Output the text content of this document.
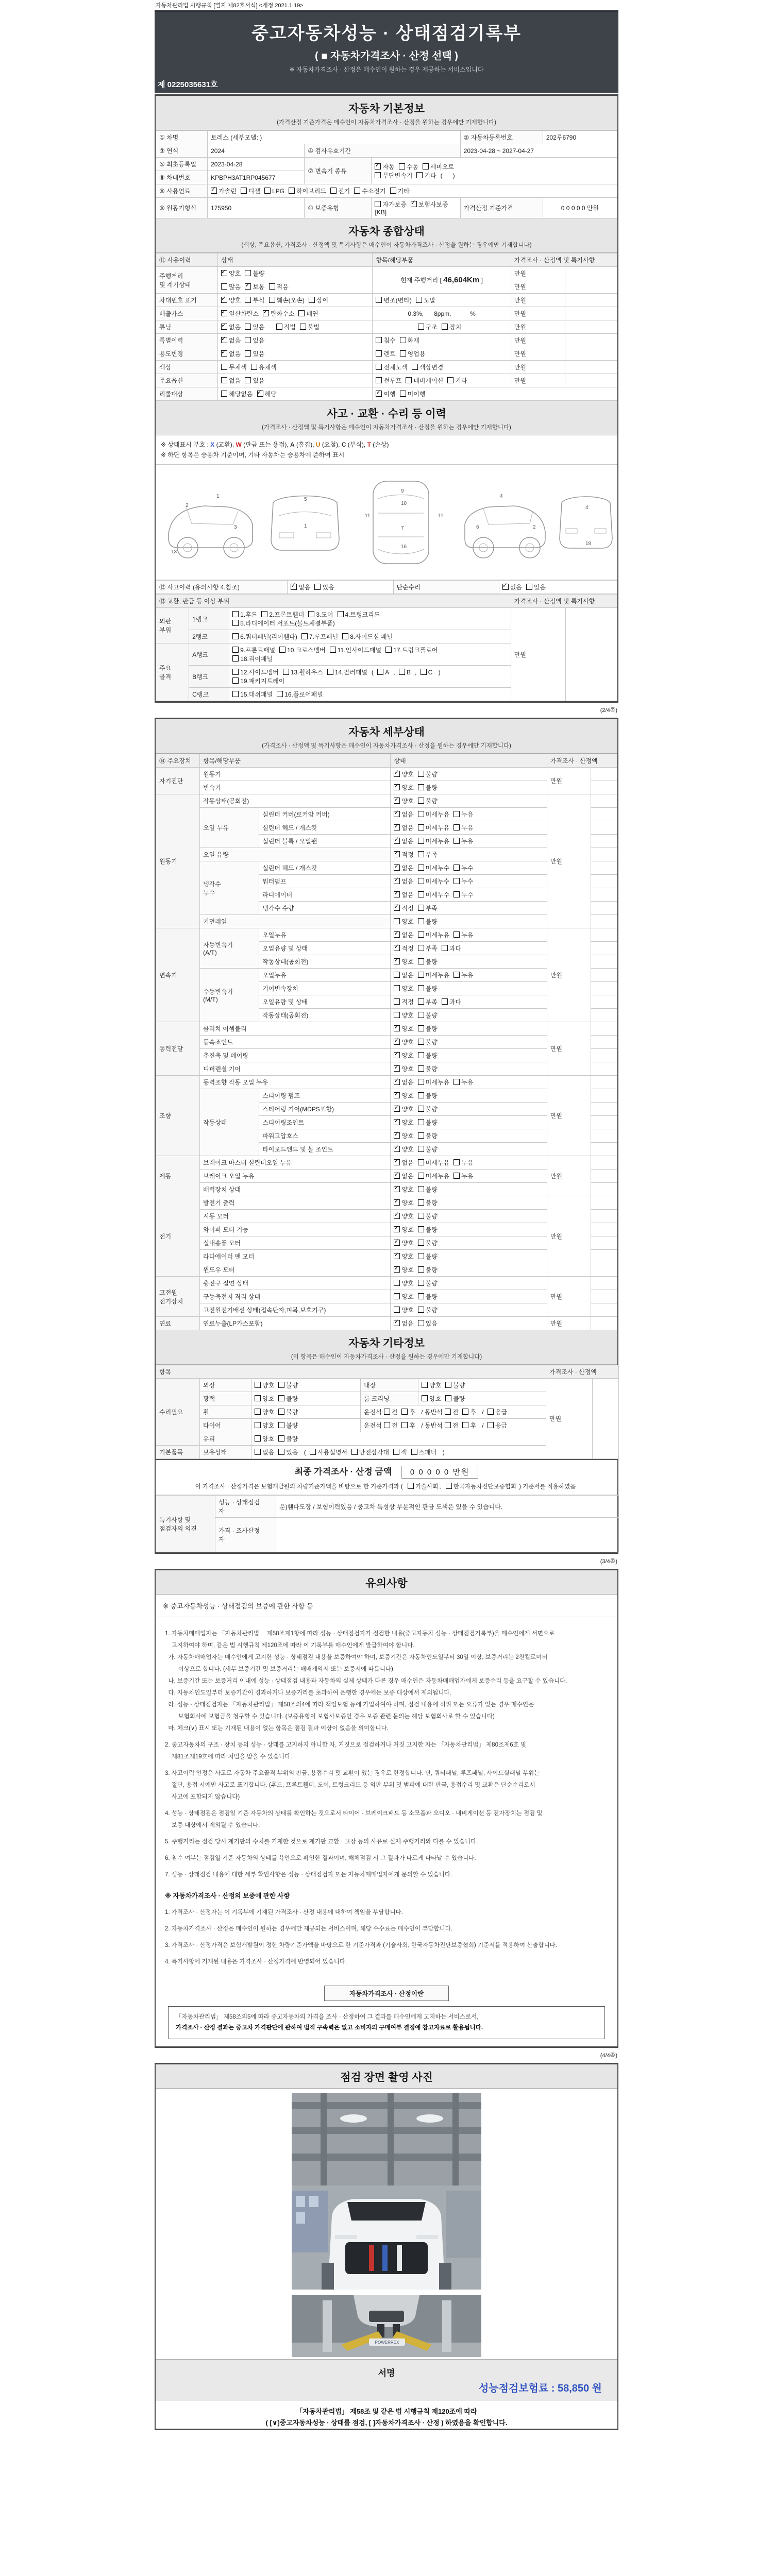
자동차관리법 시행규칙 [별지 제82호서식] <개정 2021.1.19>
중고자동차성능 · 상태점검기록부
( ■ 자동차가격조사 · 산정 선택 )
※ 자동차가격조사 · 산정은 매수인이 원하는 경우 제공하는 서비스입니다
제 0225035631호
자동차 기본정보
(가격산정 기준가격은 매수인이 자동차가격조사 · 산정을 원하는 경우에만 기재합니다)
① 차명	토레스 (세부모델: )			② 자동차등록번호	202루6790
③ 연식	2024	④ 검사유효기간		2023-04-28 ~ 2027-04-27	
⑤ 최초등록일	2023-04-28	⑦ 변속기 종류	✓자동 수동 세미오토
무단변속기 기타 (      )
⑥ 차대번호	KPBPH3AT1RP045677				
⑧ 사용연료	✓가솔린 디젤 LPG 하이브리드 전기 수소전기 기타
⑨ 원동기형식	175950	⑩ 보증유형	자가보증 ✓ 보험사보증[KB]	가격산정 기준가격	0 0 0 0 0 만원
자동차 종합상태
(색상, 주요옵션, 가격조사 · 산정액 및 특기사항은 매수인이 자동차가격조사 · 산정을 원하는 경우에만 기재합니다)
⑪ 사용이력	상태	항목/해당부품	가격조사 · 산정액 및 특기사항	
주행거리
및 계기상태	✓양호 불량	현재 주행거리 [ 46,604Km ]	만원	
	많음 ✓ 보통 적음		만원	
차대번호 표기	✓양호 부식 훼손(오손) 상이	변조(변타) 도말	만원	
배출가스	✓일산화탄소 ✓ 탄화수소 매연	0.3%,      8ppm,           %	만원	
튜닝	✓없음 있음 적법 불법	구조 장치	만원	
특별이력	✓없음 있음	침수 화재	만원	
용도변경	✓없음 있음	렌트 영업용	만원	
색상	무채색 유채색	전체도색 색상변경	만원	
주요옵션	없음 있음	썬루프 네비게이션 기타	만원	
리콜대상	해당없음 ✓ 해당	✓이행 미이행
사고 · 교환 · 수리 등 이력
(가격조사 · 산정액 및 특기사항은 매수인이 자동차가격조사 · 산정을 원하는 경우에만 기재합니다)
※ 상태표시 부호 : X (교환), W (판금 또는 용접), A (흠집), U (요철), C (부식), T (손상)
※ 하단 항목은 승용차 기준이며, 기타 자동차는 승용차에 준하여 표시
2
1
3
13
1
5
11	11
9
10
7
16
4
6	2
4
18
⑫ 사고이력 (유의사항 4.참조)	✓없음 있음	단순수리	✓없음 있음
⑬ 교환, 판금 등 이상 부위			가격조사 · 산정액 및 특기사항	
외판
부위	1랭크	1.후드 2.프론트휀더 3.도어 4.트렁크리드
5.라디에이터 서포트(볼트체결부품)	만원	
	2랭크	6.쿼터패널(리어휀다) 7.루프패널 8.사이드실 패널		
주요
골격	A랭크	9.프론트패널 10.크로스멤버 11.인사이드패널 17.트렁크플로어
18.리어패널		
	B랭크	12.사이드멤버 13.휠하우스 14.필러패널 ( A , B , C )
19.패키지트레이		
	C랭크	15.대쉬패널 16.플로어패널		
(2/4쪽)
자동차 세부상태
(가격조사 · 산정액 및 특기사항은 매수인이 자동차가격조사 · 산정을 원하는 경우에만 기재합니다)
⑭ 주요장치	항목/해당부품		상태	가격조사 · 산정액	
자기진단	원동기	✓양호 불량	만원	
	변속기	✓양호 불량	
원동기	작동상태(공회전)	✓양호 불량	만원	
	오일 누유	실린더 커버(로커암 커버)	✓없음 미세누유 누유	
		실린더 헤드 / 개스킷	✓없음 미세누유 누유	
		실린더 블록 / 오일팬	✓없음 미세누유 누유	
	오일 유량	✓적정 부족	
	냉각수
누수	실린더 헤드 / 개스킷	✓없음 미세누수 누수	
		워터펌프	✓없음 미세누수 누수	
		라디에이터	✓없음 미세누수 누수	
		냉각수 수량	✓적정 부족	
	커먼레일		양호 불량		
변속기	자동변속기
(A/T)	오일누유	✓없음 미세누유 누유	만원	
		오일유량 및 상태	✓적정 부족 과다	
		작동상태(공회전)	✓양호 불량	
	수동변속기
(M/T)	오일누유	없음 미세누유 누유		
		기어변속장치	양호 불량		
		오일유량 및 상태	적정 부족 과다		
		작동상태(공회전)	양호 불량		
동력전달	클러치 어셈블리	✓양호 불량	만원	
	등속죠인트	✓양호 불량	
	추진축 및 베어링	✓양호 불량	
	디퍼렌셜 기어	✓양호 불량	
조향	동력조향 작동 오일 누유	✓없음 미세누유 누유	만원	
	작동상태	스티어링 펌프	✓양호 불량	
		스티어링 기어(MDPS포함)	✓양호 불량	
		스티어링조인트	✓양호 불량	
		파워고압호스	✓양호 불량	
		타이로드엔드 및 볼 조인트	✓양호 불량	
제동	브레이크 마스터 실린더오일 누유	✓없음 미세누유 누유	만원	
	브레이크 오일 누유	✓없음 미세누유 누유	
	배력장치 상태	✓양호 불량	
전기	발전기 출력	✓양호 불량	만원	
	시동 모터	✓양호 불량	
	와이퍼 모터 기능	✓양호 불량	
	실내송풍 모터	✓양호 불량	
	라디에이터 팬 모터	✓양호 불량	
	윈도우 모터	✓양호 불량	
고전원
전기장치	충전구 절연 상태		양호 불량	만원	
	구동축전지 격리 상태		양호 불량		
	고전원전기배선 상태(접속단자,피복,보호기구)		양호 불량		
연료	연료누출(LP가스포함)	✓없음 있음	만원	
자동차 기타정보
(이 항목은 매수인이 자동차가격조사 · 산정을 원하는 경우에만 기재합니다)
항목					가격조사 · 산정액	
수리필요	외장	양호 불량	내장	양호 불량	만원	
	광택	양호 불량	룸 크리닝	양호 불량		
	휠	양호 불량	운전석 전 후 / 동반석 전 후 / 응급			
	타이어	양호 불량	운전석 전 후 / 동반석 전 후 / 응급			
	유리	양호 불량				
기본품목	보유상태	없음 있음 ( 사용설명서 안전삼각대 잭 스패너 )				
최종 가격조사 · 산정 금액 0 0 0 0 0 만원
이 가격조사 · 산정가격은 보험개발원의 차량기준가액을 바탕으로 한 기준가격과 ( 기술사회 , 한국자동차진단보증협회 ) 기준서를 적용하였음
특기사항 및
점검자의 의견	성능 · 상태점검
자	운)휀다도장 / 보험이력있음 / 중고차 특성상 부분적인 판금 도색은 있을 수 있습니다.
	가격 · 조사산정
자	
(3/4쪽)
유의사항
※ 중고자동차성능 · 상태점검의 보증에 관한 사항 등
1. 자동차매매업자는 「자동차관리법」 제58조제1항에 따라 성능 · 상태점검자가 점검한 내용(중고자동차 성능 · 상태점검기록부)을 매수인에게 서면으로
고지하여야 하며, 같은 법 시행규칙 제120조에 따라 이 기록부를 매수인에게 발급하여야 합니다.
가. 자동차매매업자는 매수인에게 고지한 성능 · 상태점검 내용을 보증하여야 하며, 보증기간은 자동차인도일부터 30일 이상, 보증거리는 2천킬로미터
이상으로 합니다. (세부 보증기간 및 보증거리는 매매계약서 또는 보증서에 따릅니다)
나. 보증기간 또는 보증거리 이내에 성능 · 상태점검 내용과 자동차의 실제 상태가 다른 경우 매수인은 자동차매매업자에게 보증수리 등을 요구할 수 있습니다.
다. 자동차인도일부터 보증기간이 경과하거나 보증거리를 초과하여 운행한 경우에는 보증 대상에서 제외됩니다.
라. 성능 · 상태점검자는 「자동차관리법」 제58조의4에 따라 책임보험 등에 가입하여야 하며, 점검 내용에 허위 또는 오류가 있는 경우 매수인은
보험회사에 보험금을 청구할 수 있습니다. (보증유형이 보험사보증인 경우 보증 관련 문의는 해당 보험회사로 할 수 있습니다)
마. 체크(∨) 표시 또는 기재된 내용이 없는 항목은 점검 결과 이상이 없음을 의미합니다.
2. 중고자동차의 구조 · 장치 등의 성능 · 상태를 고지하지 아니한 자, 거짓으로 점검하거나 거짓 고지한 자는 「자동차관리법」 제80조제6호 및
제81조제19호에 따라 처벌을 받을 수 있습니다.
3. 사고이력 인정은 사고로 자동차 주요골격 부위의 판금, 용접수리 및 교환이 있는 경우로 한정합니다. 단, 쿼터패널, 루프패널, 사이드실패널 부위는
절단, 용접 시에만 사고로 표기합니다. (후드, 프론트휀더, 도어, 트렁크리드 등 외판 부위 및 범퍼에 대한 판금, 용접수리 및 교환은 단순수리로서
사고에 포함되지 않습니다)
4. 성능 · 상태점검은 점검일 기준 자동차의 상태를 확인하는 것으로서 타이어 · 브레이크패드 등 소모품과 오디오 · 내비게이션 등 전자장치는 점검 및
보증 대상에서 제외될 수 있습니다.
5. 주행거리는 점검 당시 계기판의 수치를 기재한 것으로 계기판 교환 · 고장 등의 사유로 실제 주행거리와 다를 수 있습니다.
6. 침수 여부는 점검일 기준 자동차의 상태를 육안으로 확인한 결과이며, 해체점검 시 그 결과가 다르게 나타날 수 있습니다.
7. 성능 · 상태점검 내용에 대한 세부 확인사항은 성능 · 상태점검자 또는 자동차매매업자에게 문의할 수 있습니다.
※ 자동차가격조사 · 산정의 보증에 관한 사항
1. 가격조사 · 산정자는 이 기록부에 기재된 가격조사 · 산정 내용에 대하여 책임을 부담합니다.
2. 자동차가격조사 · 산정은 매수인이 원하는 경우에만 제공되는 서비스이며, 해당 수수료는 매수인이 부담합니다.
3. 가격조사 · 산정가격은 보험개발원이 정한 차량기준가액을 바탕으로 한 기준가격과 (기술사회, 한국자동차진단보증협회) 기준서를 적용하여 산출합니다.
4. 특기사항에 기재된 내용은 가격조사 · 산정가격에 반영되어 있습니다.
자동차가격조사 · 산정이란
「자동차관리법」 제58조의5에 따라 중고자동차의 가격을 조사 · 산정하여 그 결과를 매수인에게 고지하는 서비스로서,
가격조사 · 산정 결과는 중고차 가격판단에 관하여 법적 구속력은 없고 소비자의 구매여부 결정에 참고자료로 활용됩니다.
(4/4쪽)
점검 장면 촬영 사진
POWERREX
서명
성능점검보험료 : 58,850 원
「자동차관리법」 제58조 및 같은 법 시행규칙 제120조에 따라
( [∨]중고자동차성능 · 상태를 점검, [ ]자동차가격조사 · 산정 ) 하였음을 확인합니다.
